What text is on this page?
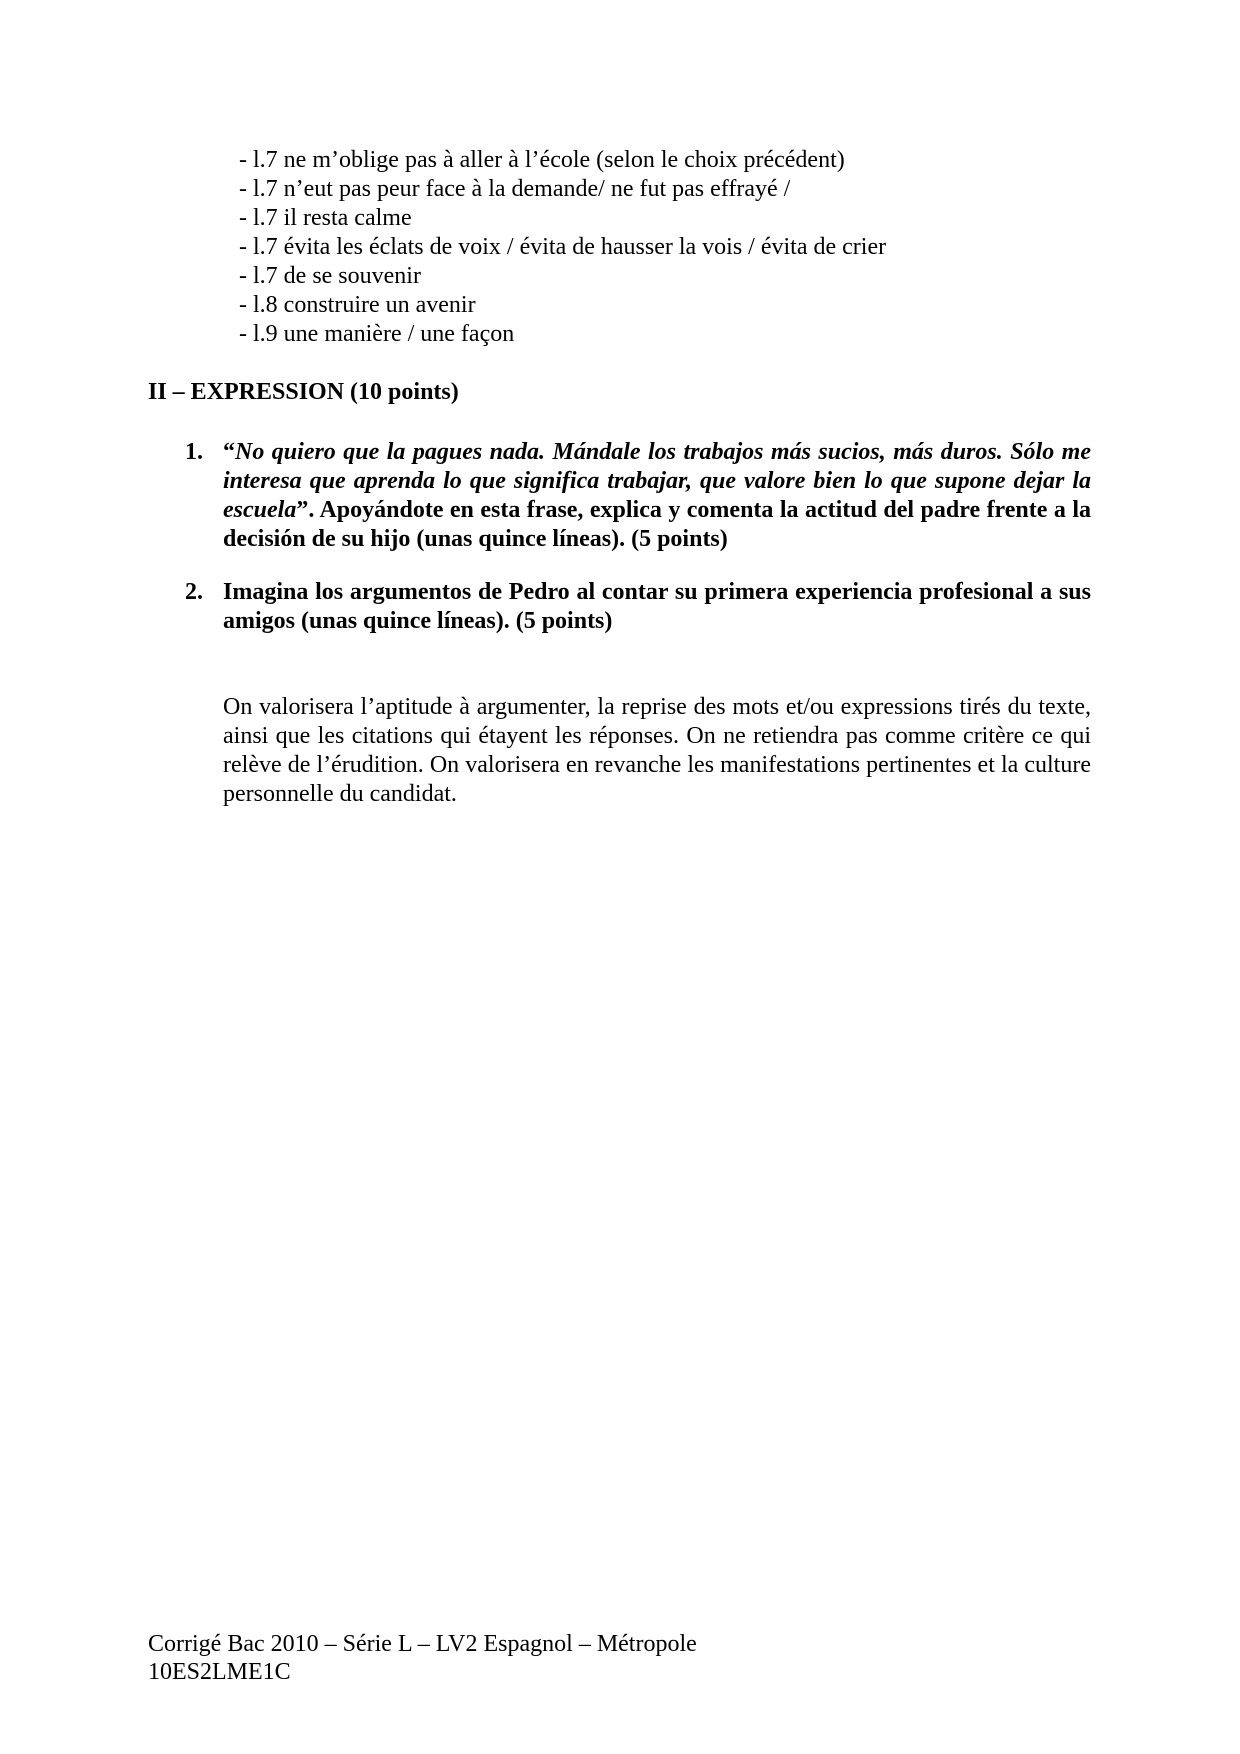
- l.7 ne m’oblige pas à aller à l’école (selon le choix précédent)
- l.7 n’eut pas peur face à la demande/ ne fut pas effrayé /
- l.7 il resta calme
- l.7 évita les éclats de voix / évita de hausser la vois / évita de crier
- l.7 de se souvenir
- l.8 construire un avenir
- l.9 une manière / une façon
II – EXPRESSION (10 points)
1. “No quiero que la pagues nada. Mándale los trabajos más sucios, más duros. Sólo me interesa que aprenda lo que significa trabajar, que valore bien lo que supone dejar la escuela”. Apoyándote en esta frase, explica y comenta la actitud del padre frente a la decisión de su hijo (unas quince líneas). (5 points)
2. Imagina los argumentos de Pedro al contar su primera experiencia profesional a sus amigos (unas quince líneas). (5 points)

On valorisera l’aptitude à argumenter, la reprise des mots et/ou expressions tirés du texte, ainsi que les citations qui étayent les réponses. On ne retiendra pas comme critère ce qui relève de l’érudition. On valorisera en revanche les manifestations pertinentes et la culture personnelle du candidat.

Corrigé Bac 2010 – Série L – LV2 Espagnol – Métropole
10ES2LME1C
